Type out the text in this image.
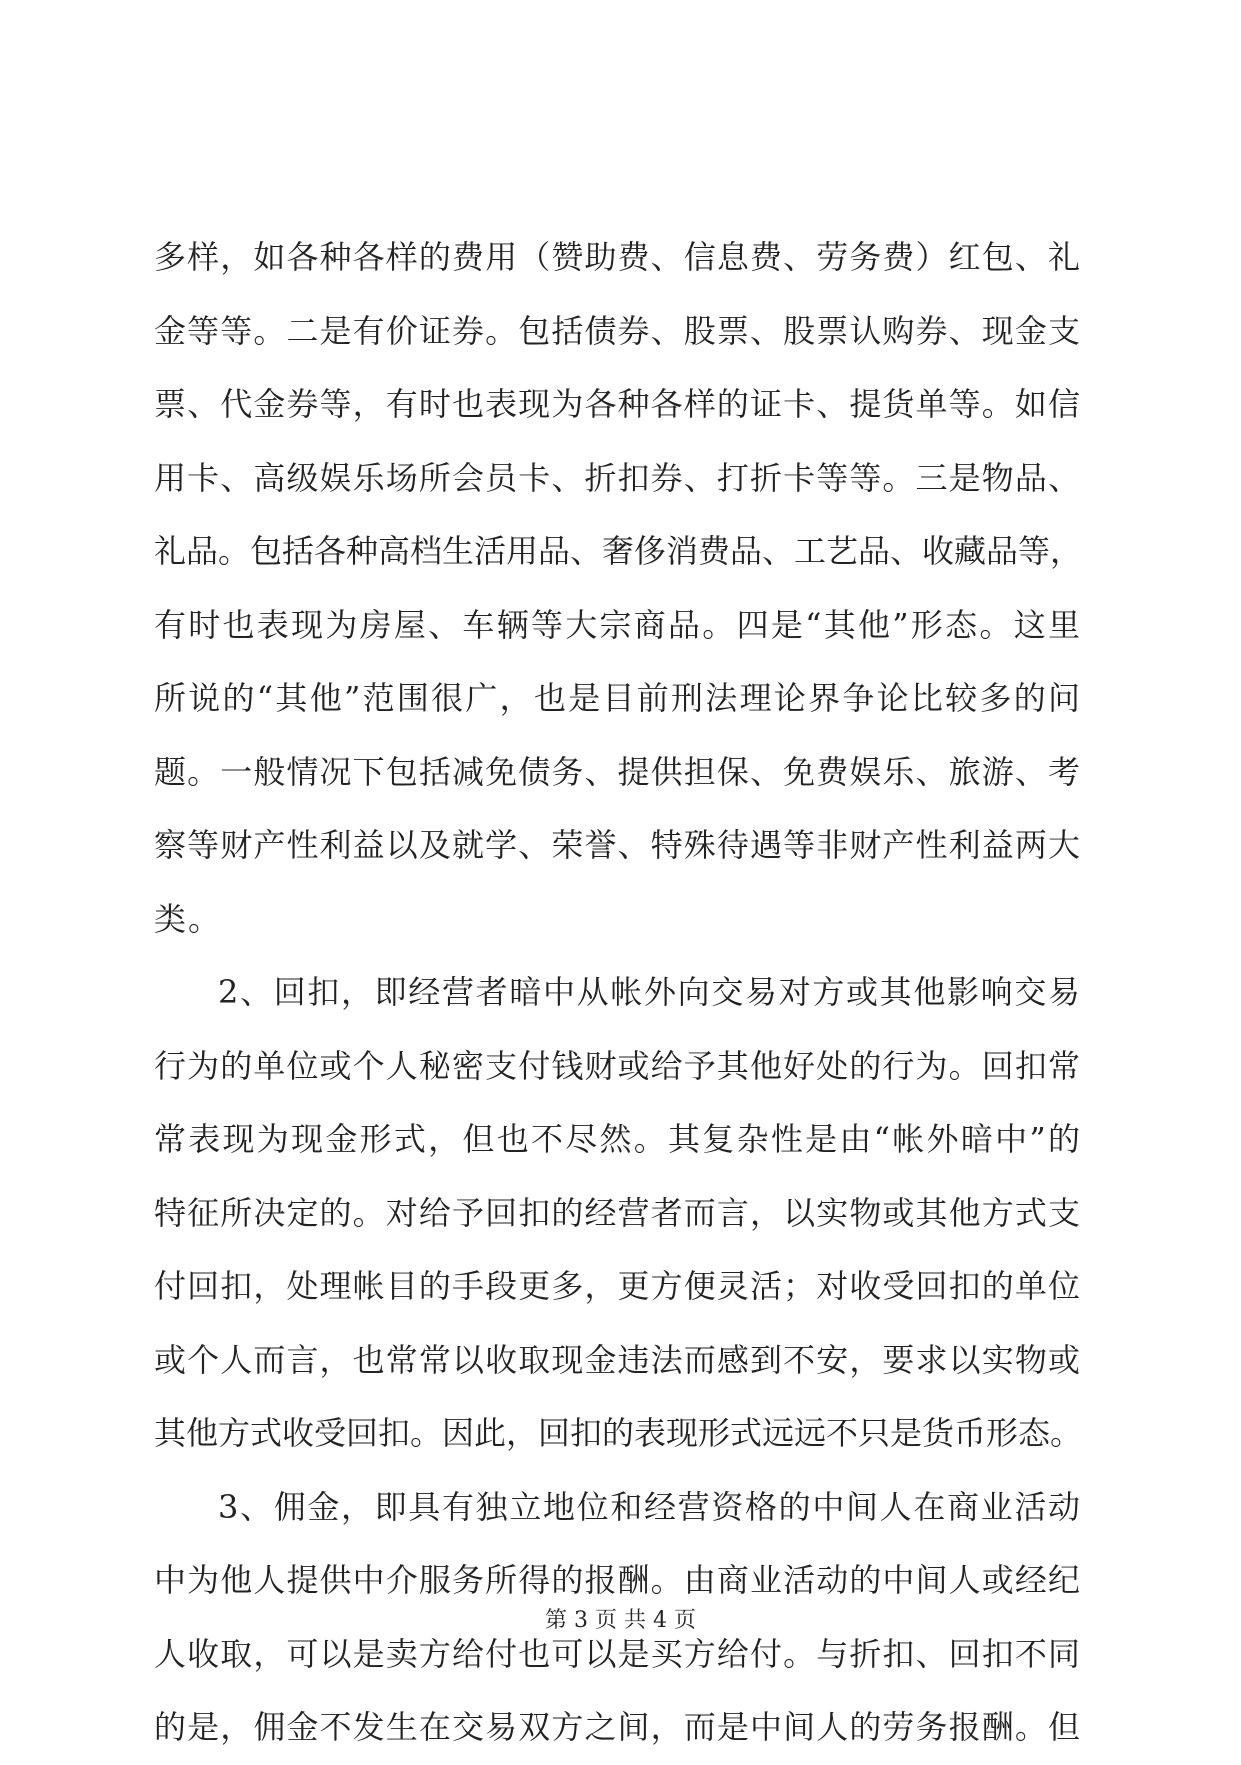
多样，如各种各样的费用（赞助费、信息费、劳务费）红包、礼
金等等。二是有价证券。包括债券、股票、股票认购券、现金支
票、代金券等，有时也表现为各种各样的证卡、提货单等。如信
用卡、高级娱乐场所会员卡、折扣券、打折卡等等。三是物品、
礼品。包括各种高档生活用品、奢侈消费品、工艺品、收藏品等，
有时也表现为房屋、车辆等大宗商品。四是“其他”形态。这里
所说的“其他”范围很广，也是目前刑法理论界争论比较多的问
题。一般情况下包括减免债务、提供担保、免费娱乐、旅游、考
察等财产性利益以及就学、荣誉、特殊待遇等非财产性利益两大
类。
2、回扣，即经营者暗中从帐外向交易对方或其他影响交易
行为的单位或个人秘密支付钱财或给予其他好处的行为。回扣常
常表现为现金形式，但也不尽然。其复杂性是由“帐外暗中”的
特征所决定的。对给予回扣的经营者而言，以实物或其他方式支
付回扣，处理帐目的手段更多，更方便灵活；对收受回扣的单位
或个人而言，也常常以收取现金违法而感到不安，要求以实物或
其他方式收受回扣。因此，回扣的表现形式远远不只是货币形态。
3、佣金，即具有独立地位和经营资格的中间人在商业活动
中为他人提供中介服务所得的报酬。由商业活动的中间人或经纪
人收取，可以是卖方给付也可以是买方给付。与折扣、回扣不同
的是，佣金不发生在交易双方之间，而是中间人的劳务报酬。但
第 3 页 共 4 页
